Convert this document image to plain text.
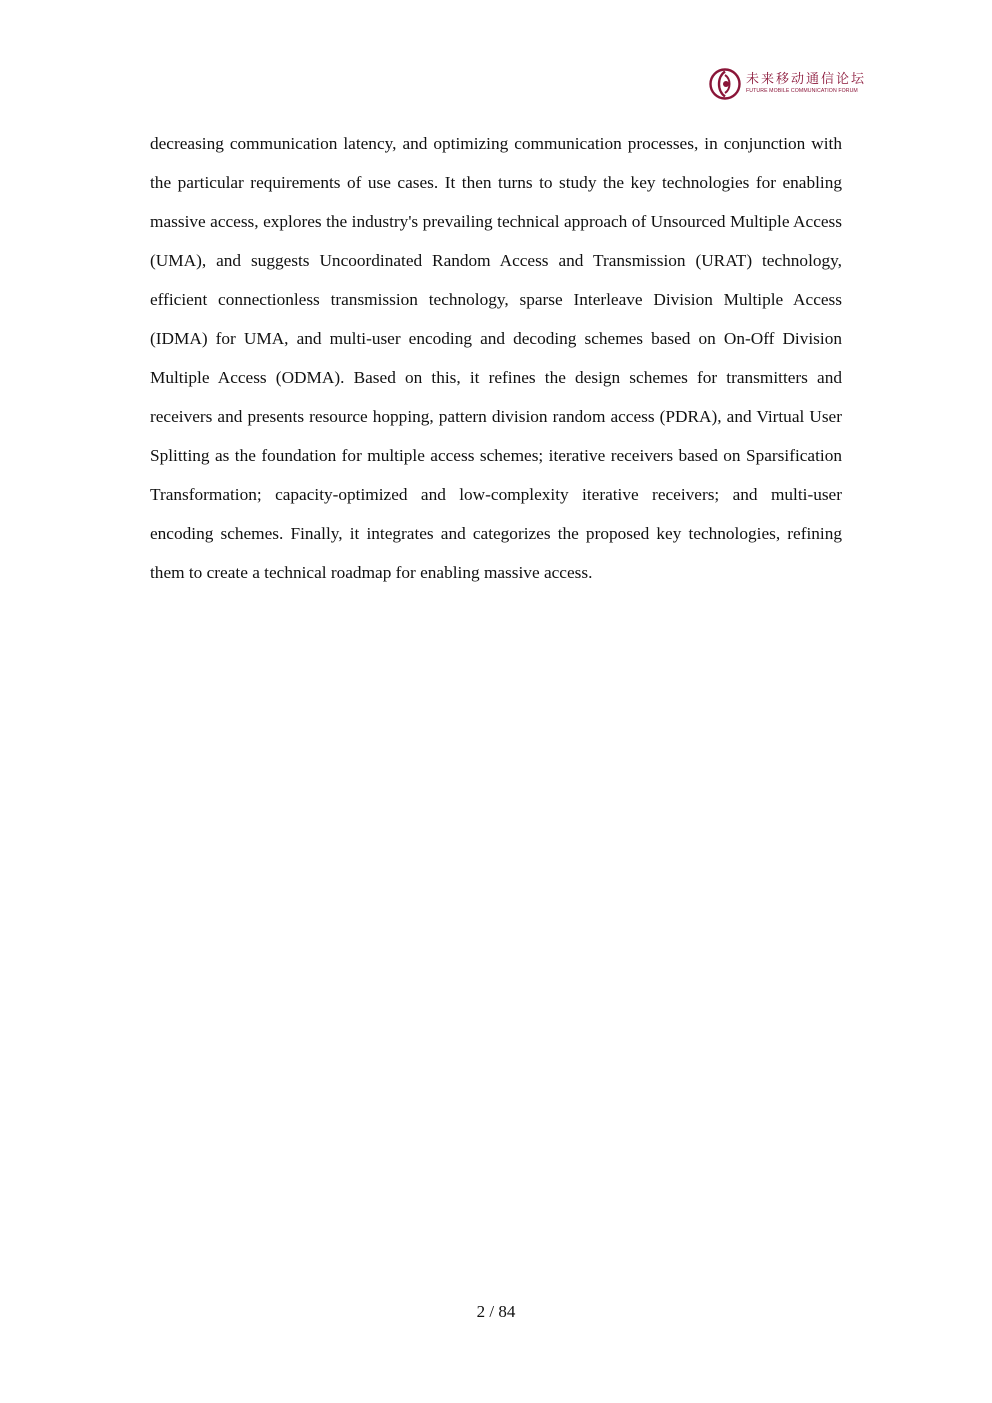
未来移动通信论坛
FUTURE MOBILE COMMUNICATION FORUM

decreasing communication latency, and optimizing communication processes, in conjunction with the particular requirements of use cases. It then turns to study the key technologies for enabling massive access, explores the industry's prevailing technical approach of Unsourced Multiple Access (UMA), and suggests Uncoordinated Random Access and Transmission (URAT) technology, efficient connectionless transmission technology, sparse Interleave Division Multiple Access (IDMA) for UMA, and multi-user encoding and decoding schemes based on On-Off Division Multiple Access (ODMA). Based on this, it refines the design schemes for transmitters and receivers and presents resource hopping, pattern division random access (PDRA), and Virtual User Splitting as the foundation for multiple access schemes; iterative receivers based on Sparsification Transformation; capacity-optimized and low-complexity iterative receivers; and multi-user encoding schemes. Finally, it integrates and categorizes the proposed key technologies, refining them to create a technical roadmap for enabling massive access.

2 / 84
